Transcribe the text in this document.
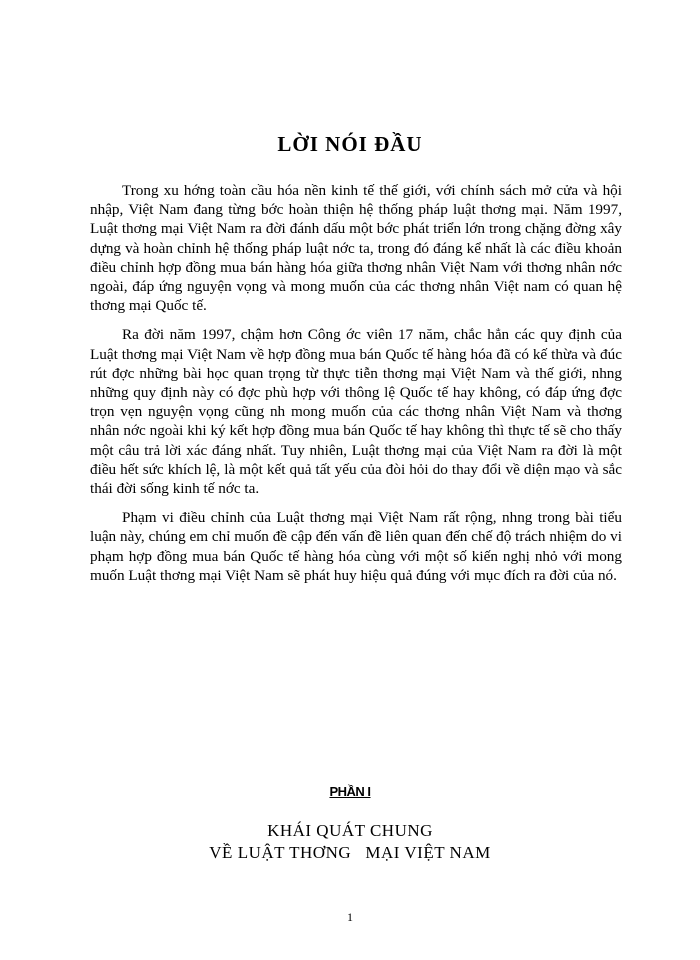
LỜI NÓI ĐẦU

Trong xu hớng toàn cầu hóa nền kinh tế thế giới, với chính sách mở cửa và hội nhập, Việt Nam đang từng bớc hoàn thiện hệ thống pháp luật thơng mại. Năm 1997, Luật thơng mại Việt Nam ra đời đánh dấu một bớc phát triển lớn trong chặng đờng xây dựng và hoàn chỉnh hệ thống pháp luật nớc ta, trong đó đáng kể nhất là các điều khoản điều chỉnh hợp đồng mua bán hàng hóa giữa thơng nhân Việt Nam với thơng nhân nớc ngoài, đáp ứng nguyện vọng và mong muốn của các thơng nhân Việt nam có quan hệ thơng mại Quốc tế.

Ra đời năm 1997, chậm hơn Công ớc viên 17 năm, chắc hẳn các quy định của Luật thơng mại Việt Nam về hợp đồng mua bán Quốc tế hàng hóa đã có kế thừa và đúc rút đợc những bài học quan trọng từ thực tiễn thơng mại Việt Nam và thế giới, nhng những quy định này có đợc phù hợp với thông lệ Quốc tế hay không, có đáp ứng đợc trọn vẹn nguyện vọng cũng nh mong muốn của các thơng nhân Việt Nam và thơng nhân nớc ngoài khi ký kết hợp đồng mua bán Quốc tế hay không thì thực tế sẽ cho thấy một câu trả lời xác đáng nhất. Tuy nhiên, Luật thơng mại của Việt Nam ra đời là một điều hết sức khích lệ, là một kết quả tất yếu của đòi hỏi do thay đổi về diện mạo và sắc thái đời sống kinh tế nớc ta.

Phạm vi điều chỉnh của Luật thơng mại Việt Nam rất rộng, nhng trong bài tiểu luận này, chúng em chỉ muốn đề cập đến vấn đề liên quan đến chế độ trách nhiệm do vi phạm hợp đồng mua bán Quốc tế hàng hóa cùng với một số kiến nghị nhỏ với mong muốn Luật thơng mại Việt Nam sẽ phát huy hiệu quả đúng với mục đích ra đời của nó.

PHẦN I
KHÁI QUÁT CHUNG
VỀ LUẬT THƠNG   MẠI VIỆT NAM
1
